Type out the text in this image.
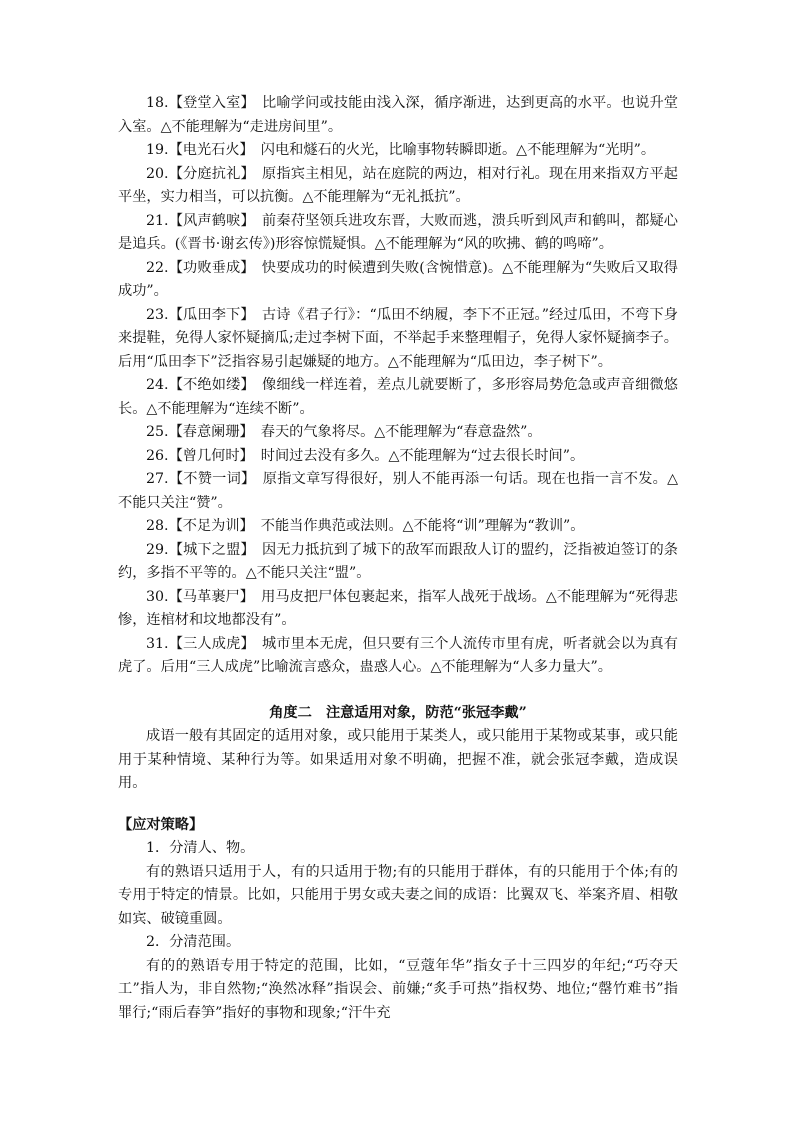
18.【登堂入室】　比喻学问或技能由浅入深，循序渐进，达到更高的水平。也说升堂入室。△不能理解为“走进房间里”。

19.【电光石火】　闪电和燧石的火光，比喻事物转瞬即逝。△不能理解为“光明”。

20.【分庭抗礼】　原指宾主相见，站在庭院的两边，相对行礼。现在用来指双方平起平坐，实力相当，可以抗衡。△不能理解为“无礼抵抗”。

21.【风声鹤唳】　前秦苻坚领兵进攻东晋，大败而逃，溃兵听到风声和鹤叫，都疑心是追兵。(《晋书·谢玄传》)形容惊慌疑惧。△不能理解为“风的吹拂、鹤的鸣啼”。

22.【功败垂成】　快要成功的时候遭到失败(含惋惜意)。△不能理解为“失败后又取得成功”。

23.【瓜田李下】　古诗《君子行》：“瓜田不纳履，李下不正冠。”经过瓜田，不弯下身来提鞋，免得人家怀疑摘瓜;走过李树下面，不举起手来整理帽子，免得人家怀疑摘李子。后用“瓜田李下”泛指容易引起嫌疑的地方。△不能理解为“瓜田边，李子树下”。

24.【不绝如缕】　像细线一样连着，差点儿就要断了，多形容局势危急或声音细微悠长。△不能理解为“连续不断”。

25.【春意阑珊】　春天的气象将尽。△不能理解为“春意盎然”。

26.【曾几何时】　时间过去没有多久。△不能理解为“过去很长时间”。

27.【不赞一词】　原指文章写得很好，别人不能再添一句话。现在也指一言不发。△不能只关注“赞”。

28.【不足为训】　不能当作典范或法则。△不能将“训”理解为“教训”。

29.【城下之盟】　因无力抵抗到了城下的敌军而跟敌人订的盟约，泛指被迫签订的条约，多指不平等的。△不能只关注“盟”。

30.【马革裹尸】　用马皮把尸体包裹起来，指军人战死于战场。△不能理解为“死得悲惨，连棺材和坟地都没有”。

31.【三人成虎】　城市里本无虎，但只要有三个人流传市里有虎，听者就会以为真有虎了。后用“三人成虎”比喻流言惑众，蛊惑人心。△不能理解为“人多力量大”。

角度二　注意适用对象，防范“张冠李戴”

成语一般有其固定的适用对象，或只能用于某类人，或只能用于某物或某事，或只能用于某种情境、某种行为等。如果适用对象不明确，把握不准，就会张冠李戴，造成误用。

【应对策略】

1．分清人、物。

有的熟语只适用于人，有的只适用于物;有的只能用于群体，有的只能用于个体;有的专用于特定的情景。比如，只能用于男女或夫妻之间的成语：比翼双飞、举案齐眉、相敬如宾、破镜重圆。

2．分清范围。

有的的熟语专用于特定的范围，比如，“豆蔻年华”指女子十三四岁的年纪;“巧夺天工”指人为，非自然物;“涣然冰释”指误会、前嫌;“炙手可热”指权势、地位;“罄竹难书”指罪行;“雨后春笋”指好的事物和现象;“汗牛充
